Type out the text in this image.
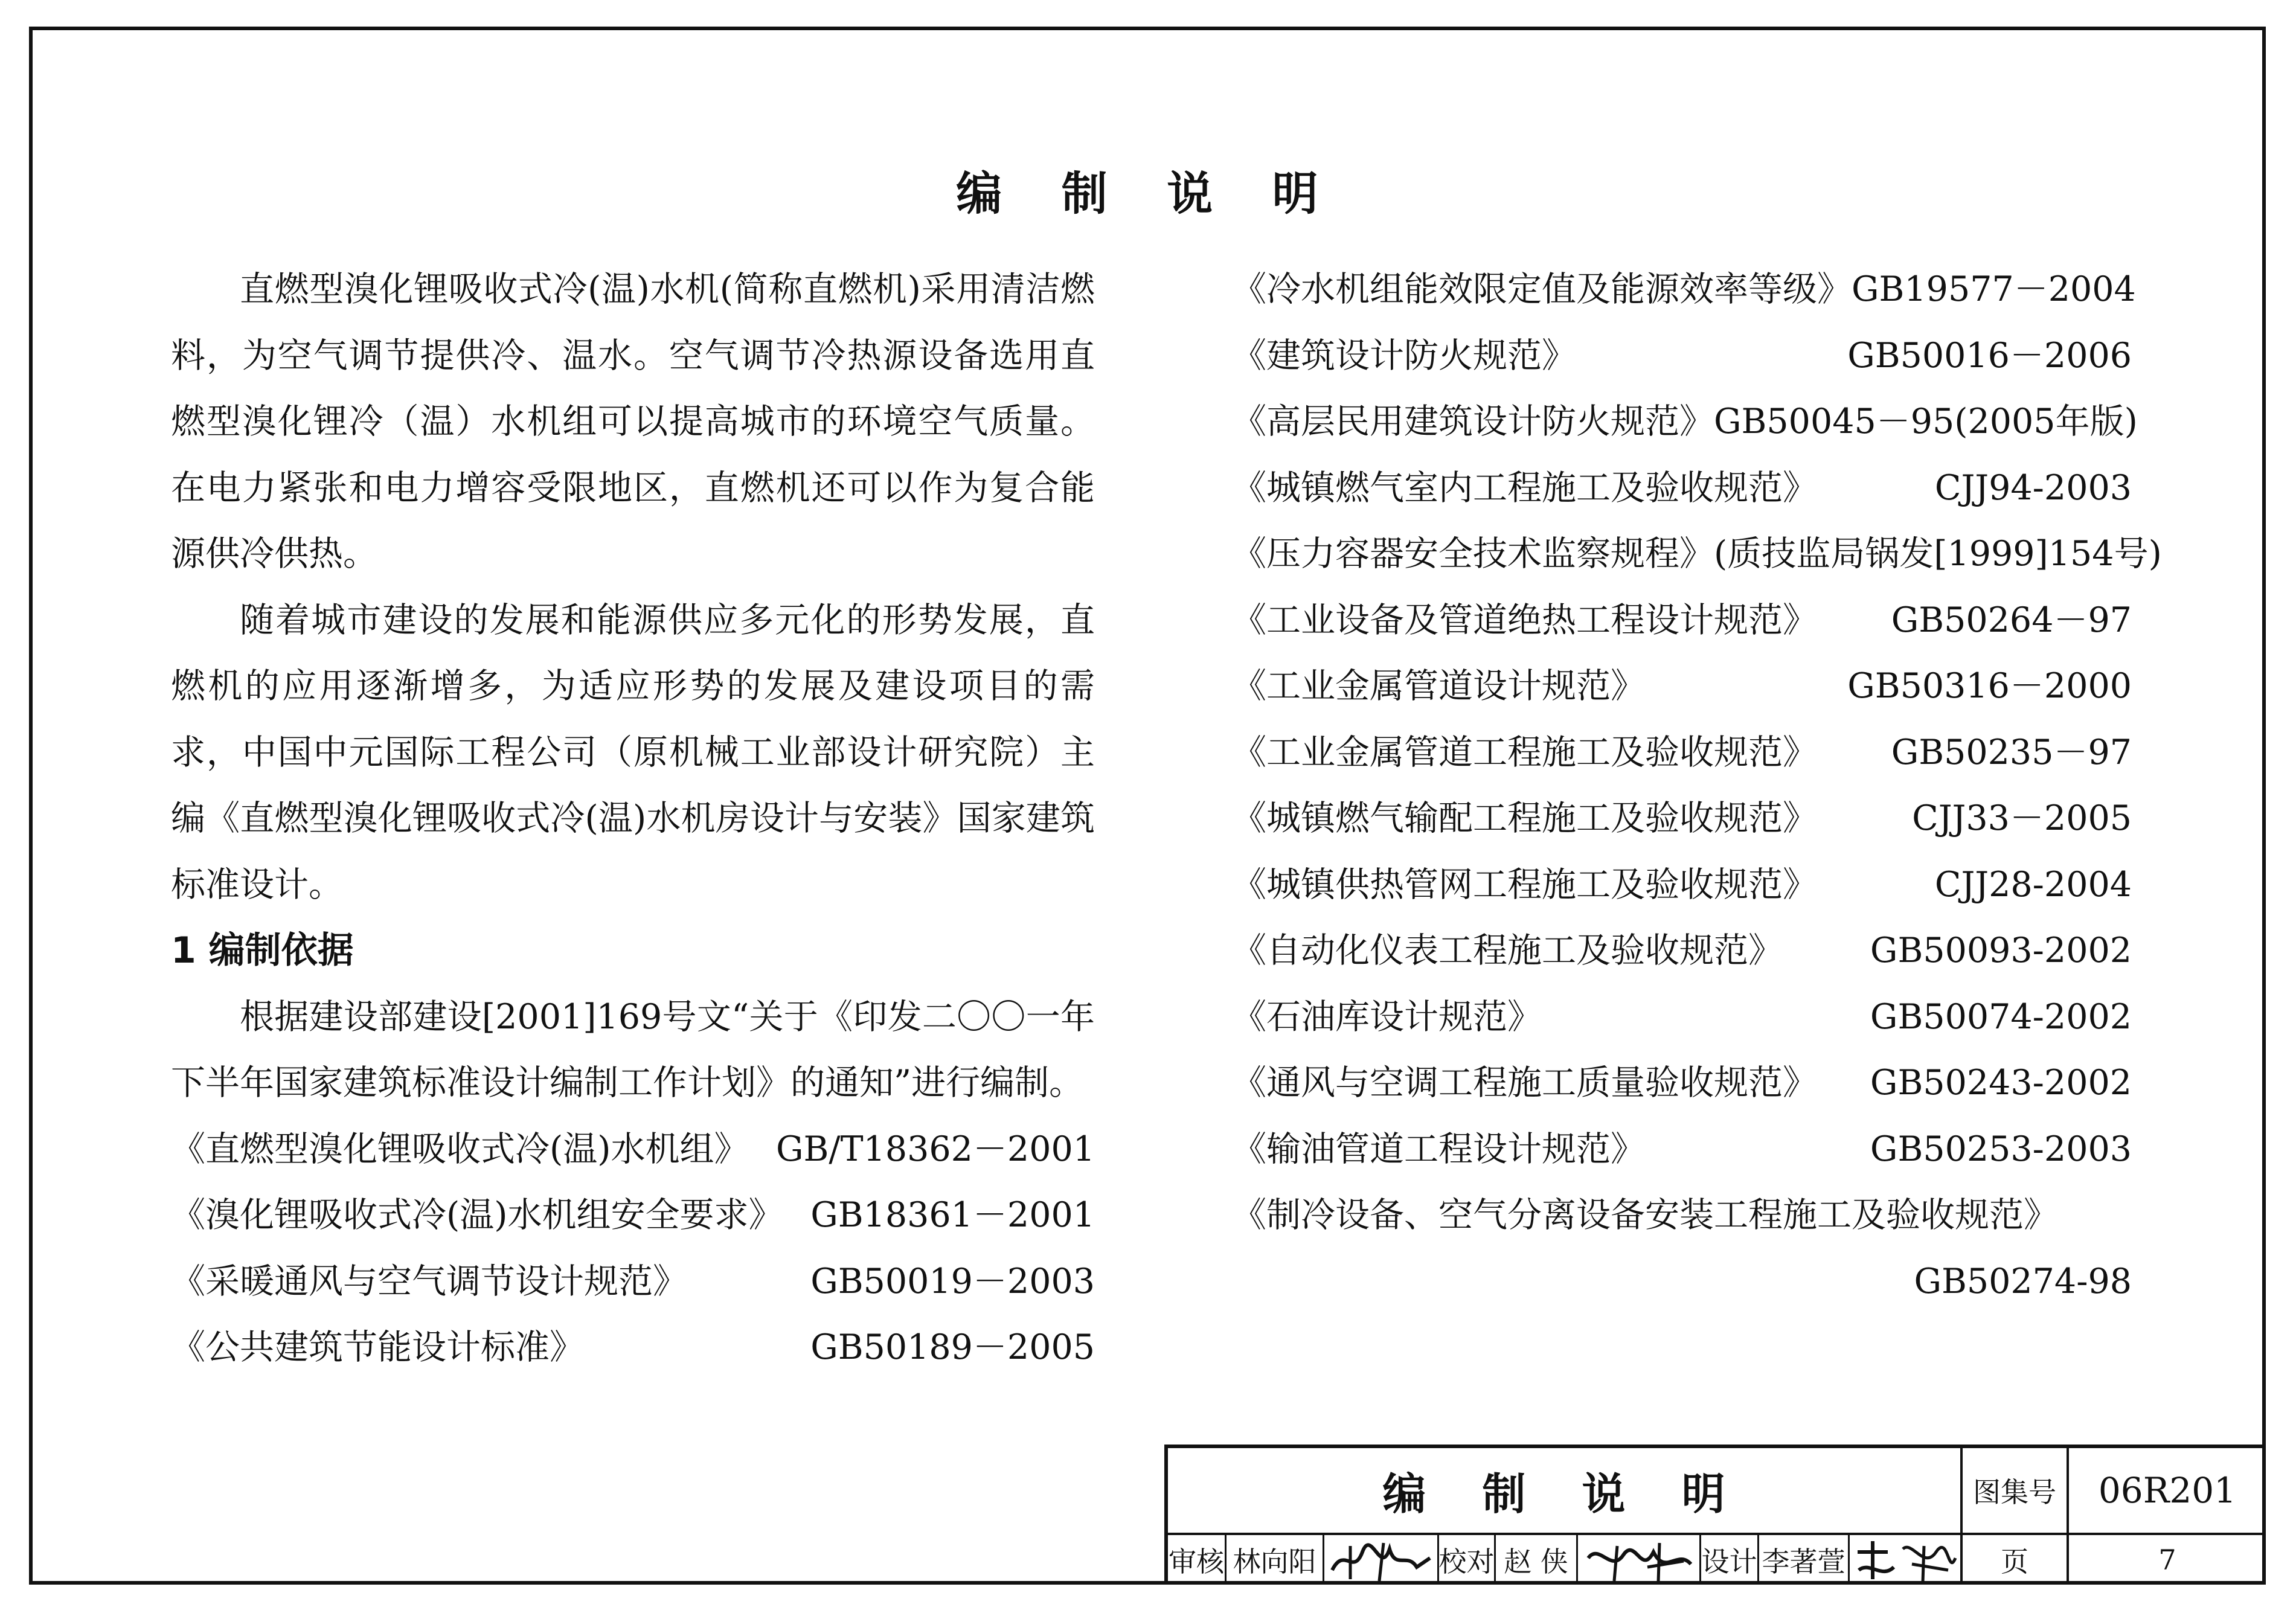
编 制 说 明

直燃型溴化锂吸收式冷(温)水机(简称直燃机)采用清洁燃料，为空气调节提供冷、温水。空气调节冷热源设备选用直燃型溴化锂冷（温）水机组可以提高城市的环境空气质量。在电力紧张和电力增容受限地区，直燃机还可以作为复合能源供冷供热。

随着城市建设的发展和能源供应多元化的形势发展，直燃机的应用逐渐增多，为适应形势的发展及建设项目的需求，中国中元国际工程公司（原机械工业部设计研究院）主编《直燃型溴化锂吸收式冷(温)水机房设计与安装》国家建筑标准设计。

1 编制依据

根据建设部建设[2001]169号文“关于《印发二〇〇一年下半年国家建筑标准设计编制工作计划》的通知”进行编制。

《直燃型溴化锂吸收式冷(温)水机组》 GB/T18362－2001
《溴化锂吸收式冷(温)水机组安全要求》 GB18361－2001
《采暖通风与空气调节设计规范》	GB50019－2003
《公共建筑节能设计标准》	GB50189－2005
《冷水机组能效限定值及能源效率等级》 GB19577－2004
《建筑设计防火规范》	GB50016－2006
《高层民用建筑设计防火规范》 GB50045－95(2005年版)
《城镇燃气室内工程施工及验收规范》	CJJ94-2003
《压力容器安全技术监察规程》 (质技监局锅发[1999]154号)
《工业设备及管道绝热工程设计规范》 GB50264－97
《工业金属管道设计规范》	GB50316－2000
《工业金属管道工程施工及验收规范》 GB50235－97
《城镇燃气输配工程施工及验收规范》	CJJ33－2005
《城镇供热管网工程施工及验收规范》	CJJ28-2004
《自动化仪表工程施工及验收规范》	GB50093-2002
《石油库设计规范》	GB50074-2002
《通风与空调工程施工质量验收规范》 GB50243-2002
《输油管道工程设计规范》	GB50253-2003

《制冷设备、空气分离设备安装工程施工及验收规范》

GB50274-98

编 制 说 明	图集号	06R201
页	7
审核 林向阳	校对 赵 侠	设计 李著萱
